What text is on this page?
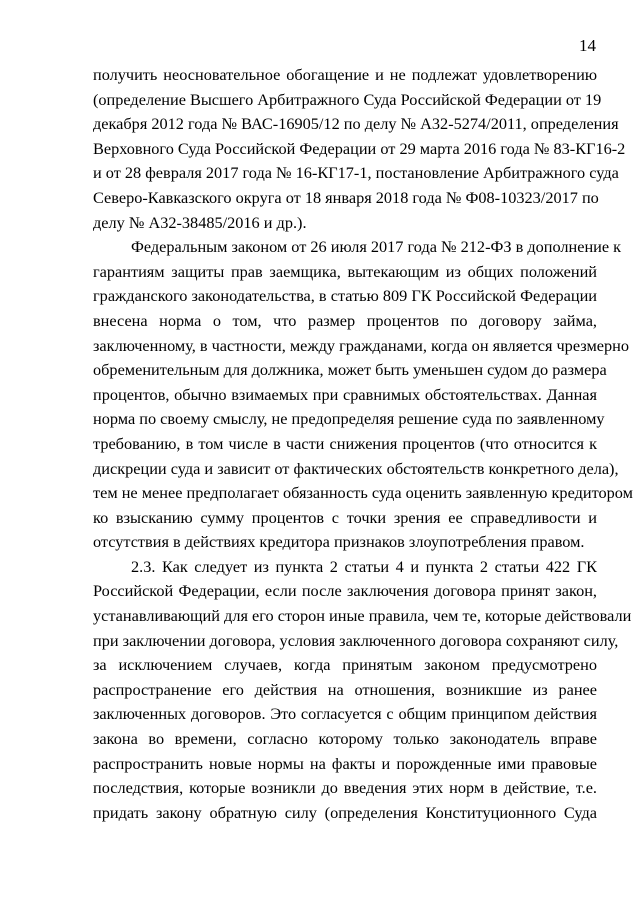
14
получить неосновательное обогащение и не подлежат удовлетворению
(определение Высшего Арбитражного Суда Российской Федерации от 19
декабря 2012 года № ВАС-16905/12 по делу № А32-5274/2011, определения
Верховного Суда Российской Федерации от 29 марта 2016 года № 83-КГ16-2
и от 28 февраля 2017 года № 16-КГ17-1, постановление Арбитражного суда
Северо-Кавказского округа от 18 января 2018 года № Ф08-10323/2017 по
делу № А32-38485/2016 и др.).
Федеральным законом от 26 июля 2017 года № 212-ФЗ в дополнение к
гарантиям защиты прав заемщика, вытекающим из общих положений
гражданского законодательства, в статью 809 ГК Российской Федерации
внесена норма о том, что размер процентов по договору займа,
заключенному, в частности, между гражданами, когда он является чрезмерно
обременительным для должника, может быть уменьшен судом до размера
процентов, обычно взимаемых при сравнимых обстоятельствах. Данная
норма по своему смыслу, не предопределяя решение суда по заявленному
требованию, в том числе в части снижения процентов (что относится к
дискреции суда и зависит от фактических обстоятельств конкретного дела),
тем не менее предполагает обязанность суда оценить заявленную кредитором
ко взысканию сумму процентов с точки зрения ее справедливости и
отсутствия в действиях кредитора признаков злоупотребления правом.
2.3. Как следует из пункта 2 статьи 4 и пункта 2 статьи 422 ГК
Российской Федерации, если после заключения договора принят закон,
устанавливающий для его сторон иные правила, чем те, которые действовали
при заключении договора, условия заключенного договора сохраняют силу,
за исключением случаев, когда принятым законом предусмотрено
распространение его действия на отношения, возникшие из ранее
заключенных договоров. Это согласуется с общим принципом действия
закона во времени, согласно которому только законодатель вправе
распространить новые нормы на факты и порожденные ими правовые
последствия, которые возникли до введения этих норм в действие, т.е.
придать закону обратную силу (определения Конституционного Суда
